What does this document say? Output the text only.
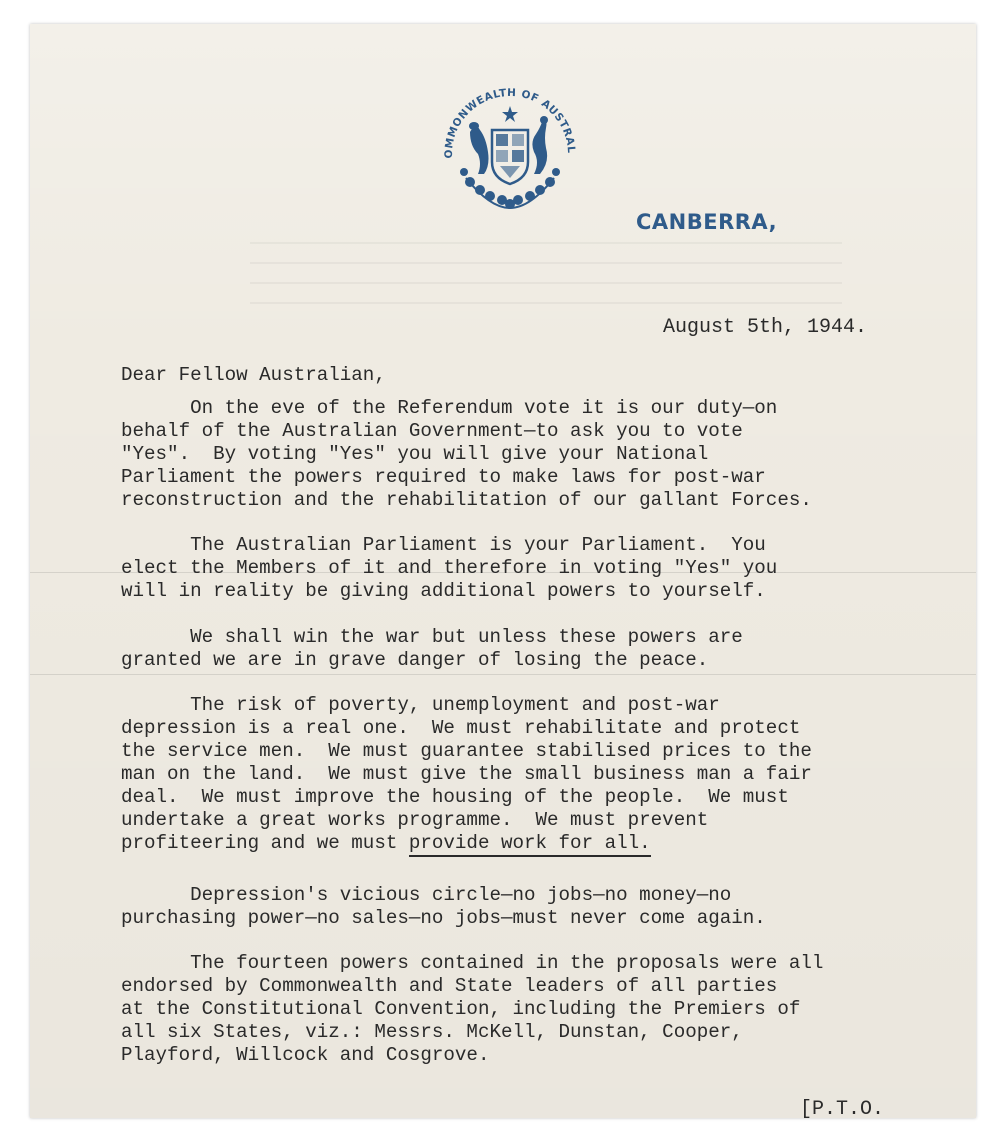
OMMONWEALTH OF AUSTRAL
CANBERRA,
August 5th, 1944.
Dear Fellow Australian,
On the eve of the Referendum vote it is our duty—on
behalf of the Australian Government—to ask you to vote
"Yes".  By voting "Yes" you will give your National
Parliament the powers required to make laws for post-war
reconstruction and the rehabilitation of our gallant Forces.
The Australian Parliament is your Parliament.  You
elect the Members of it and therefore in voting "Yes" you
will in reality be giving additional powers to yourself.
We shall win the war but unless these powers are
granted we are in grave danger of losing the peace.
The risk of poverty, unemployment and post-war
depression is a real one.  We must rehabilitate and protect
the service men.  We must guarantee stabilised prices to the
man on the land.  We must give the small business man a fair
deal.  We must improve the housing of the people.  We must
undertake a great works programme.  We must prevent
profiteering and we must provide work for all.
Depression's vicious circle—no jobs—no money—no
purchasing power—no sales—no jobs—must never come again.
The fourteen powers contained in the proposals were all
endorsed by Commonwealth and State leaders of all parties
at the Constitutional Convention, including the Premiers of
all six States, viz.: Messrs. McKell, Dunstan, Cooper,
Playford, Willcock and Cosgrove.
[P.T.O.
